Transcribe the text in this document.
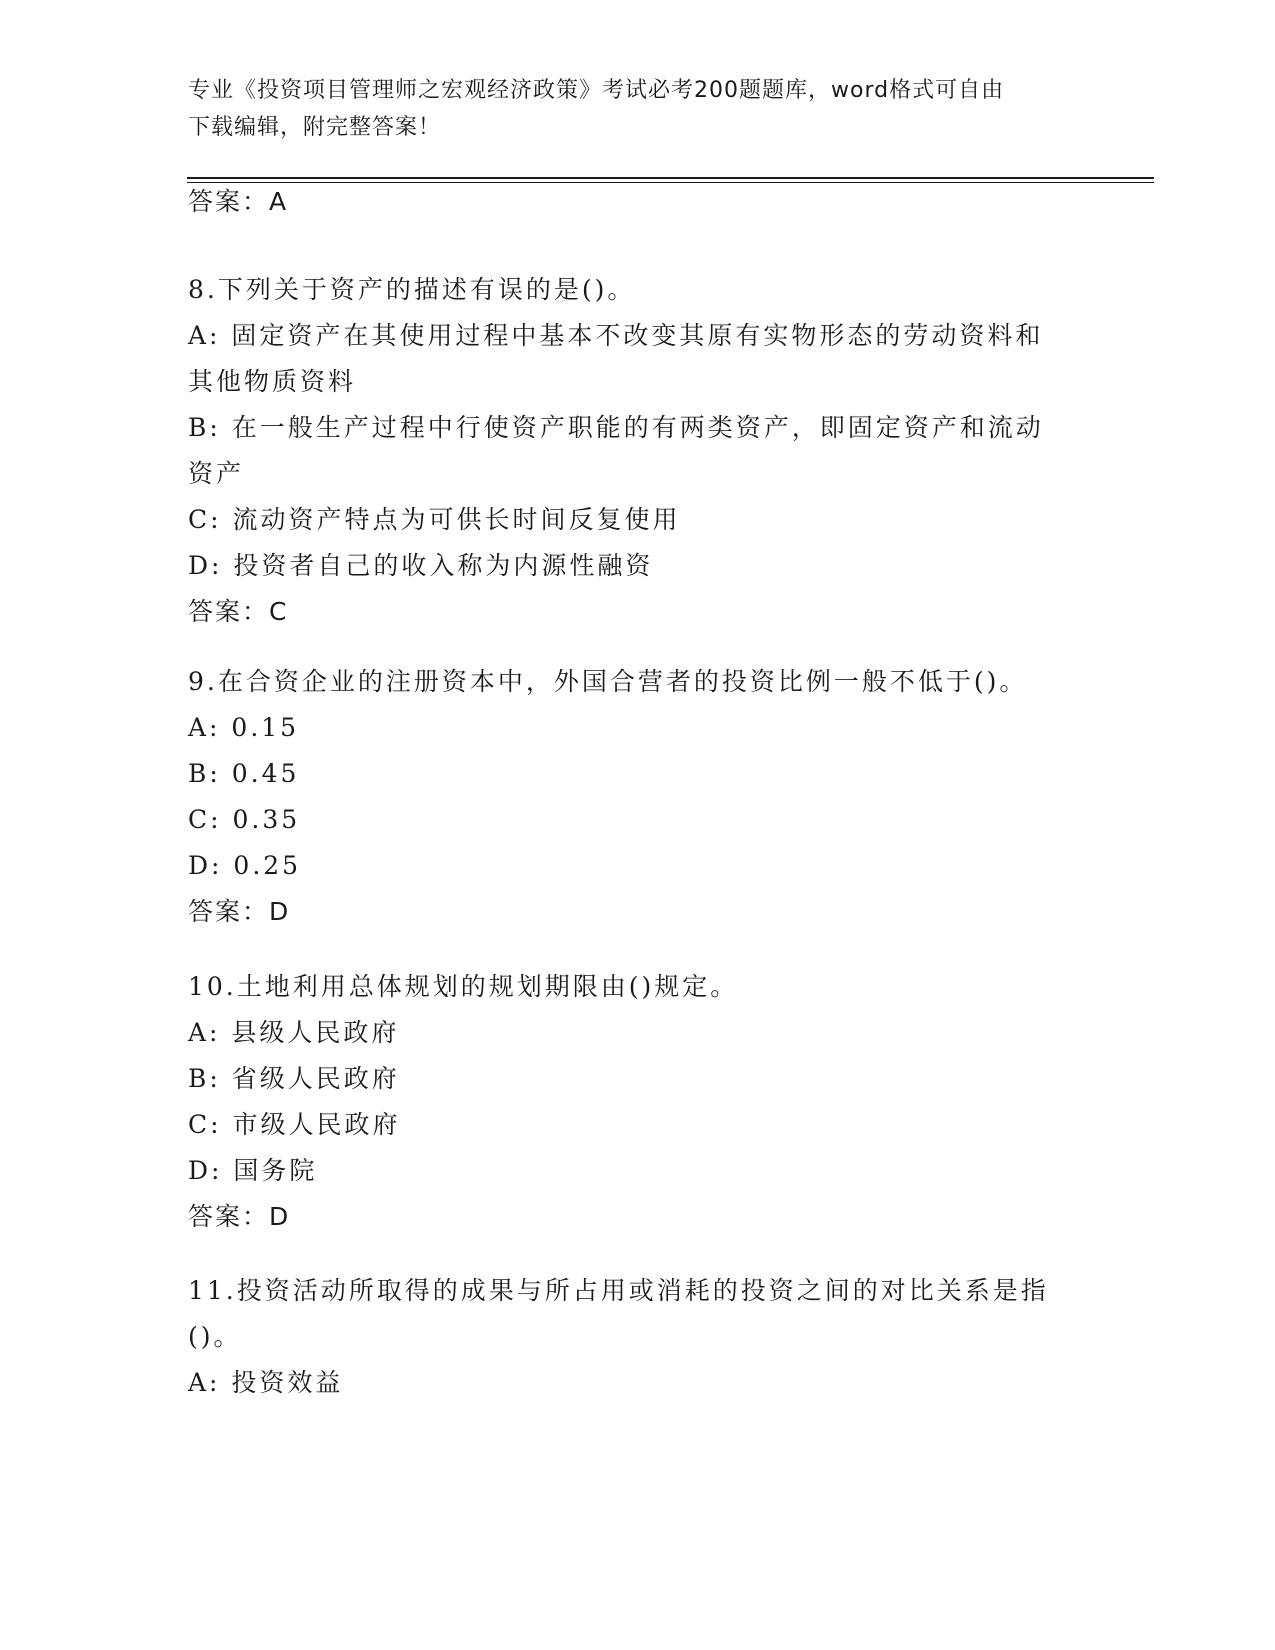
专业《投资项目管理师之宏观经济政策》考试必考200题题库，word格式可自由
下载编辑，附完整答案！
答案：A
8.下列关于资产的描述有误的是()。
A: 固定资产在其使用过程中基本不改变其原有实物形态的劳动资料和
其他物质资料
B: 在一般生产过程中行使资产职能的有两类资产，即固定资产和流动
资产
C: 流动资产特点为可供长时间反复使用
D: 投资者自己的收入称为内源性融资
答案：C
9.在合资企业的注册资本中，外国合营者的投资比例一般不低于()。
A: 0.15
B: 0.45
C: 0.35
D: 0.25
答案：D
10.土地利用总体规划的规划期限由()规定。
A: 县级人民政府
B: 省级人民政府
C: 市级人民政府
D: 国务院
答案：D
11.投资活动所取得的成果与所占用或消耗的投资之间的对比关系是指
()。
A: 投资效益
